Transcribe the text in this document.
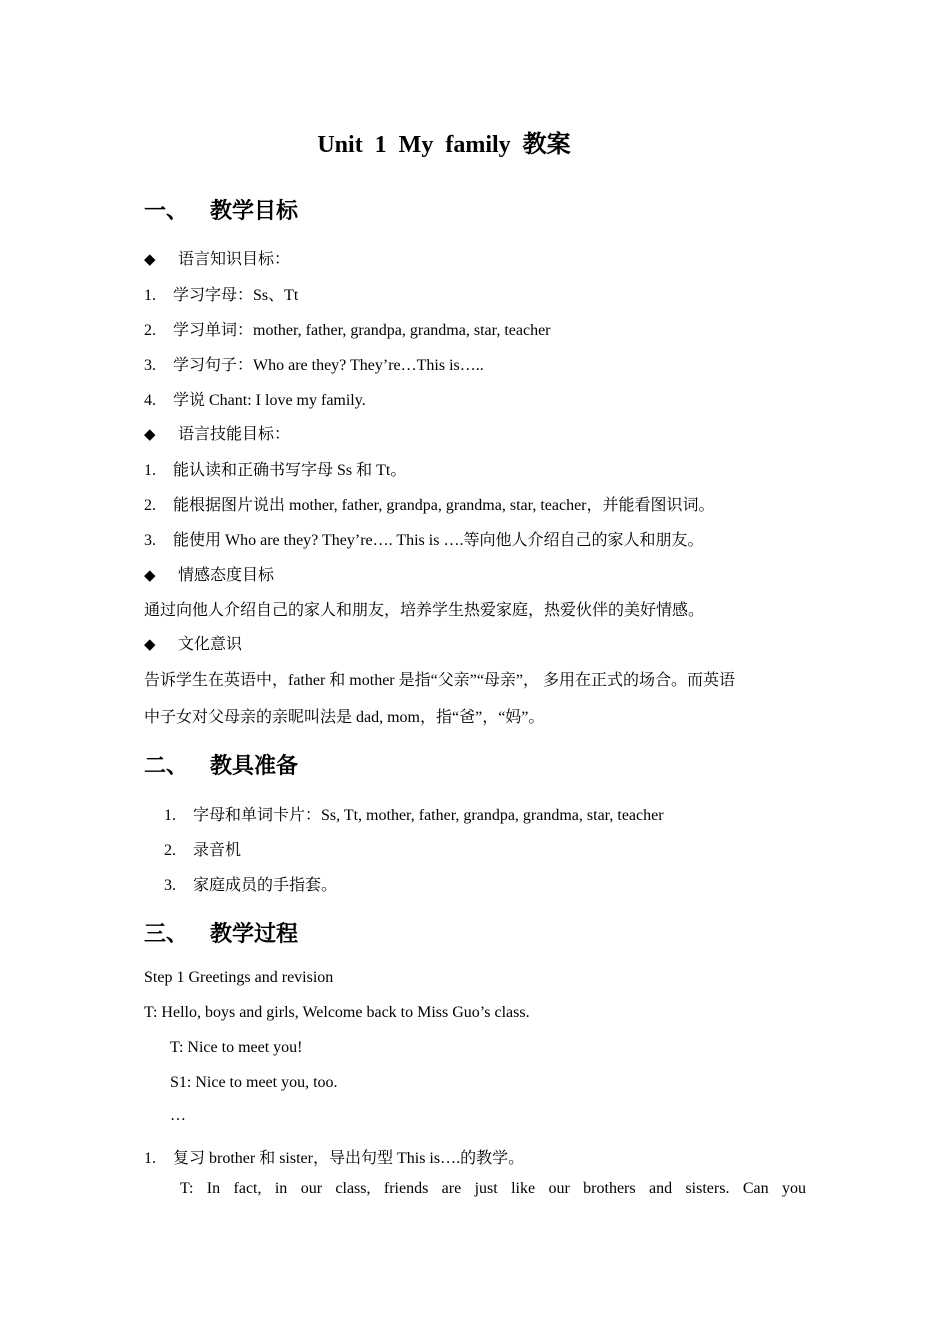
Unit 1 My family 教案
一、 教学目标
◆ 语言知识目标：
1. 学习字母：Ss、Tt
2. 学习单词：mother, father, grandpa, grandma, star, teacher
3. 学习句子：Who are they? They’re…This is…..
4. 学说 Chant: I love my family.
◆ 语言技能目标：
1. 能认读和正确书写字母 Ss 和 Tt。
2. 能根据图片说出 mother, father, grandpa, grandma, star, teacher，并能看图识词。
3. 能使用 Who are they? They’re…. This is ….等向他人介绍自己的家人和朋友。
◆ 情感态度目标
通过向他人介绍自己的家人和朋友，培养学生热爱家庭，热爱伙伴的美好情感。
◆ 文化意识
告诉学生在英语中，father 和 mother 是指“父亲”“母亲”， 多用在正式的场合。而英语
中子女对父母亲的亲昵叫法是 dad, mom，指“爸”，“妈”。
二、 教具准备
1. 字母和单词卡片：Ss, Tt, mother, father, grandpa, grandma, star, teacher
2. 录音机
3. 家庭成员的手指套。
三、 教学过程
Step 1 Greetings and revision
T: Hello, boys and girls, Welcome back to Miss Guo’s class.
T: Nice to meet you!
S1: Nice to meet you, too.
…
1. 复习 brother 和 sister，导出句型 This is….的教学。
T: In fact, in our class, friends are just like our brothers and sisters. Can you
